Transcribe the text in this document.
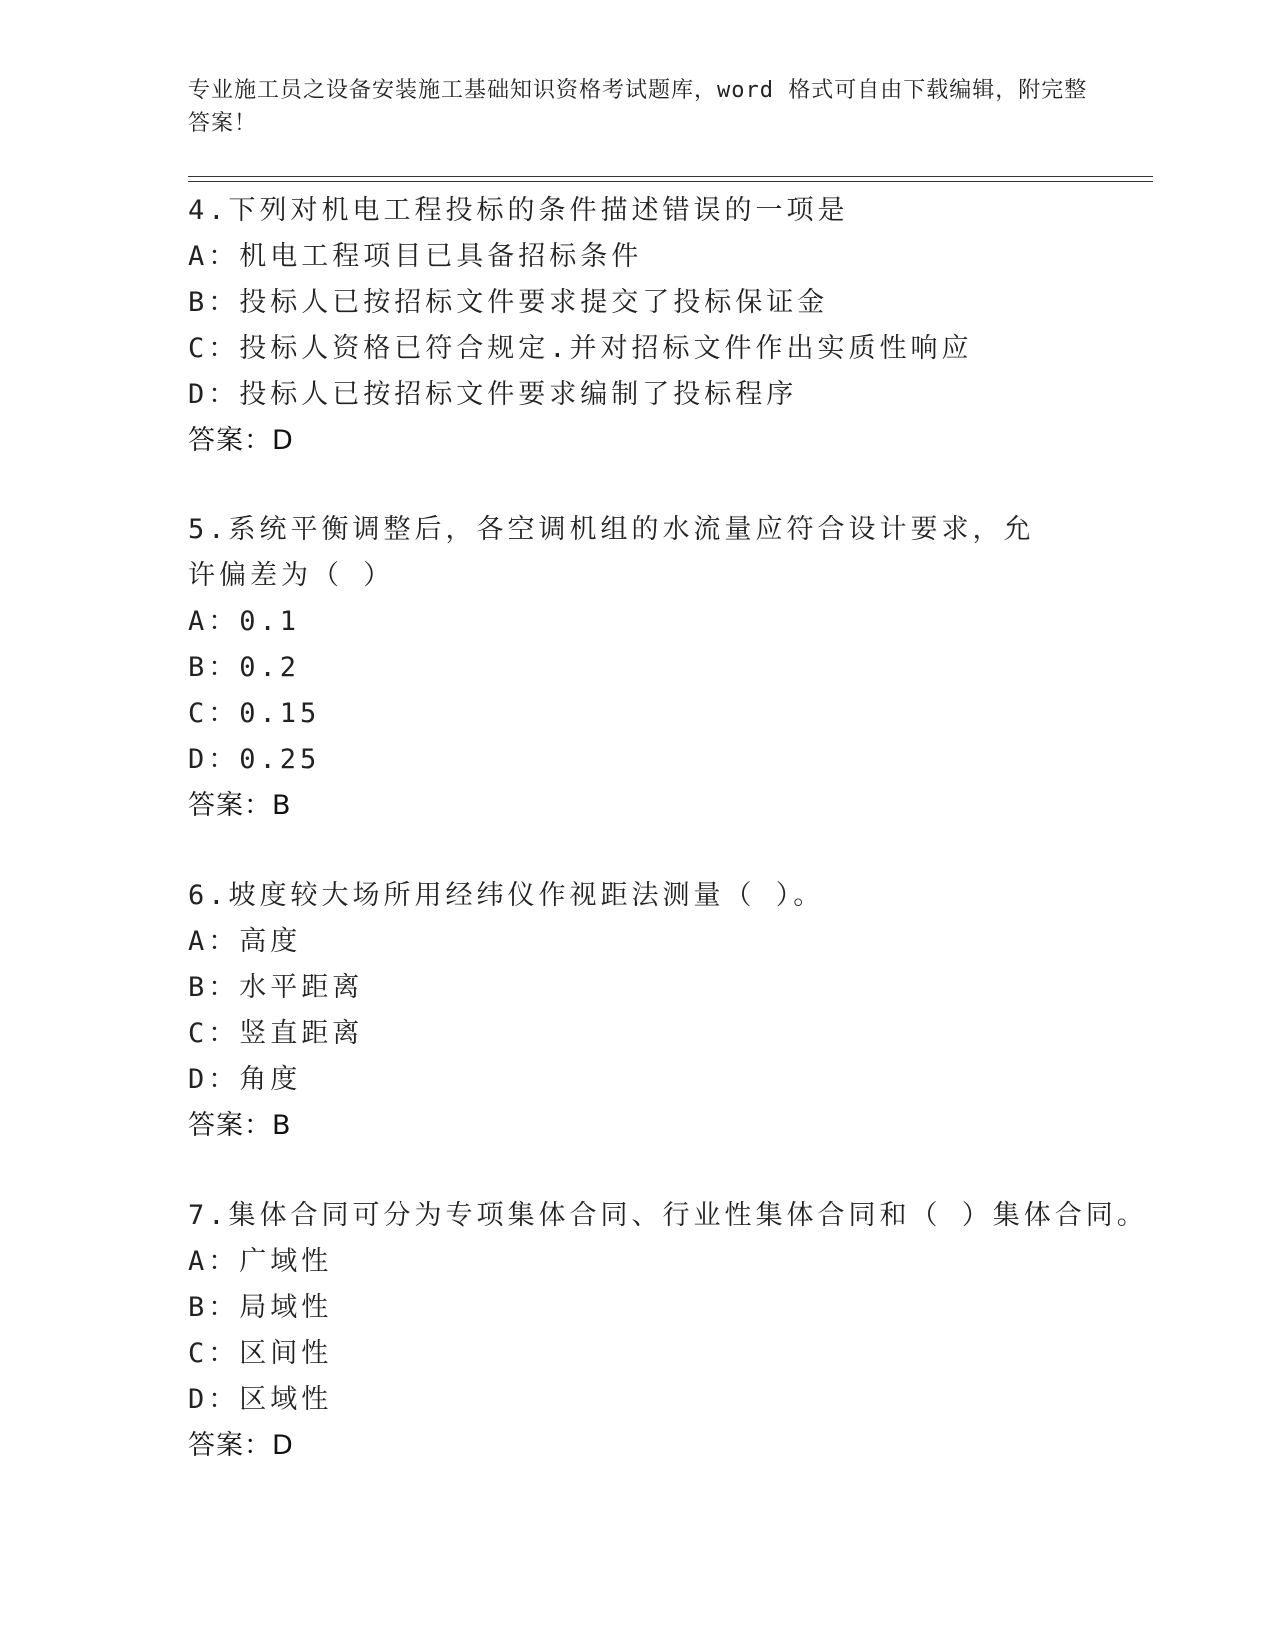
专业施工员之设备安装施工基础知识资格考试题库，word 格式可自由下载编辑，附完整答案！
4.下列对机电工程投标的条件描述错误的一项是
A：机电工程项目已具备招标条件
B：投标人已按招标文件要求提交了投标保证金
C：投标人资格已符合规定.并对招标文件作出实质性响应
D：投标人已按招标文件要求编制了投标程序
答案：D
5.系统平衡调整后，各空调机组的水流量应符合设计要求，允许偏差为（ ）
A：0.1
B：0.2
C：0.15
D：0.25
答案：B
6.坡度较大场所用经纬仪作视距法测量（ ）。
A：高度
B：水平距离
C：竖直距离
D：角度
答案：B
7.集体合同可分为专项集体合同、行业性集体合同和（ ）集体合同。
A：广域性
B：局域性
C：区间性
D：区域性
答案：D
